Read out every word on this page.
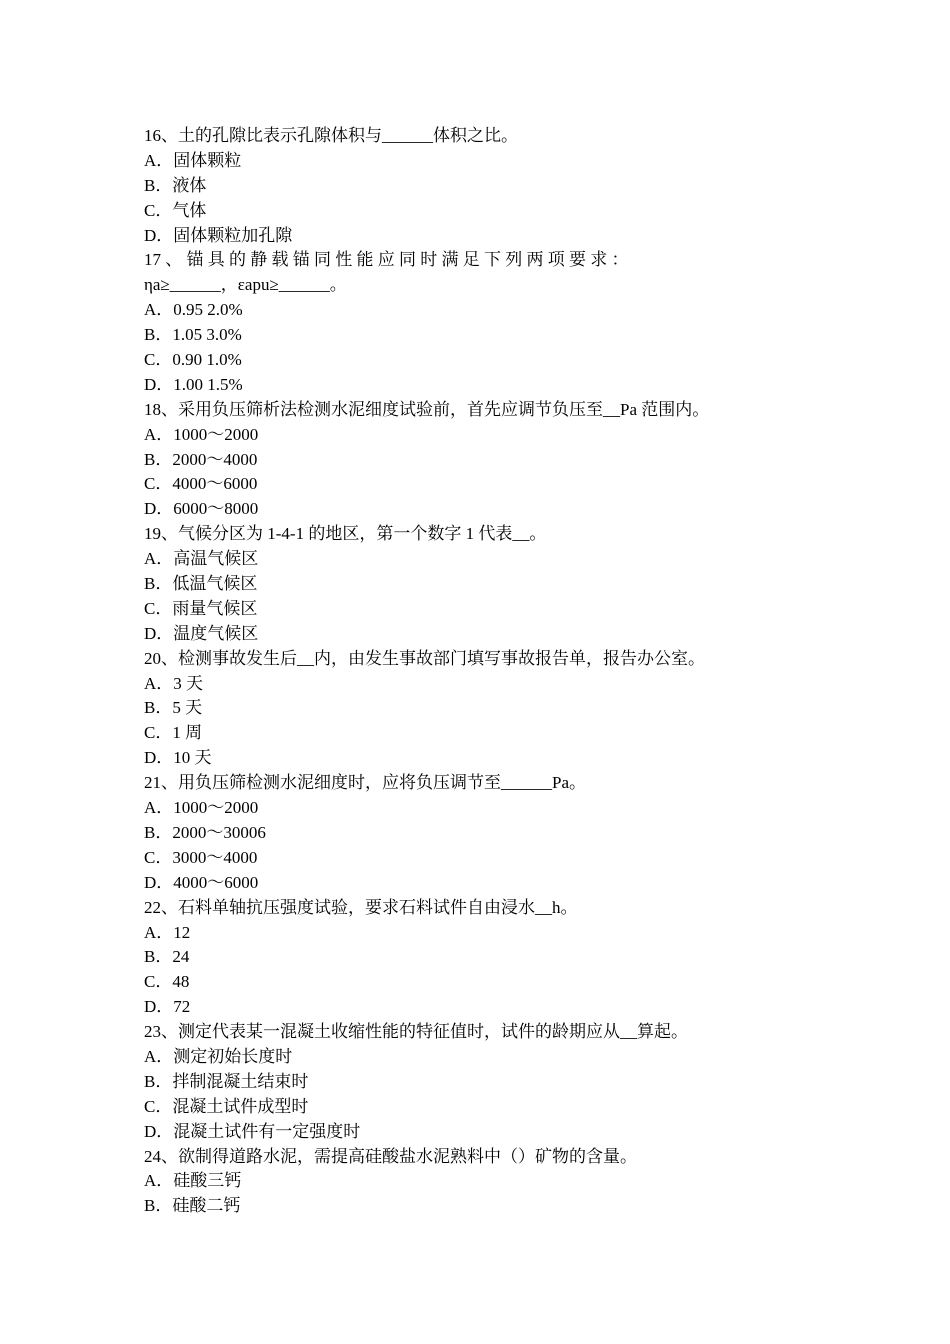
16、土的孔隙比表示孔隙体积与______体积之比。
A．固体颗粒
B．液体
C．气体
D．固体颗粒加孔隙
17 、 锚 具 的 静 载 锚 同 性 能 应 同 时 满 足 下 列 两 项 要 求 ：
ηa≥______，εapu≥______。
A．0.95 2.0%
B．1.05 3.0%
C．0.90 1.0%
D．1.00 1.5%
18、采用负压筛析法检测水泥细度试验前，首先应调节负压至__Pa 范围内。
A．1000～2000
B．2000～4000
C．4000～6000
D．6000～8000
19、气候分区为 1-4-1 的地区，第一个数字 1 代表__。
A．高温气候区
B．低温气候区
C．雨量气候区
D．温度气候区
20、检测事故发生后__内，由发生事故部门填写事故报告单，报告办公室。
A．3 天
B．5 天
C．1 周
D．10 天
21、用负压筛检测水泥细度时，应将负压调节至______Pa。
A．1000～2000
B．2000～30006
C．3000～4000
D．4000～6000
22、石料单轴抗压强度试验，要求石料试件自由浸水__h。
A．12
B．24
C．48
D．72
23、测定代表某一混凝土收缩性能的特征值时，试件的龄期应从__算起。
A．测定初始长度时
B．拌制混凝土结束时
C．混凝土试件成型时
D．混凝土试件有一定强度时
24、欲制得道路水泥，需提高硅酸盐水泥熟料中（）矿物的含量。
A．硅酸三钙
B．硅酸二钙
